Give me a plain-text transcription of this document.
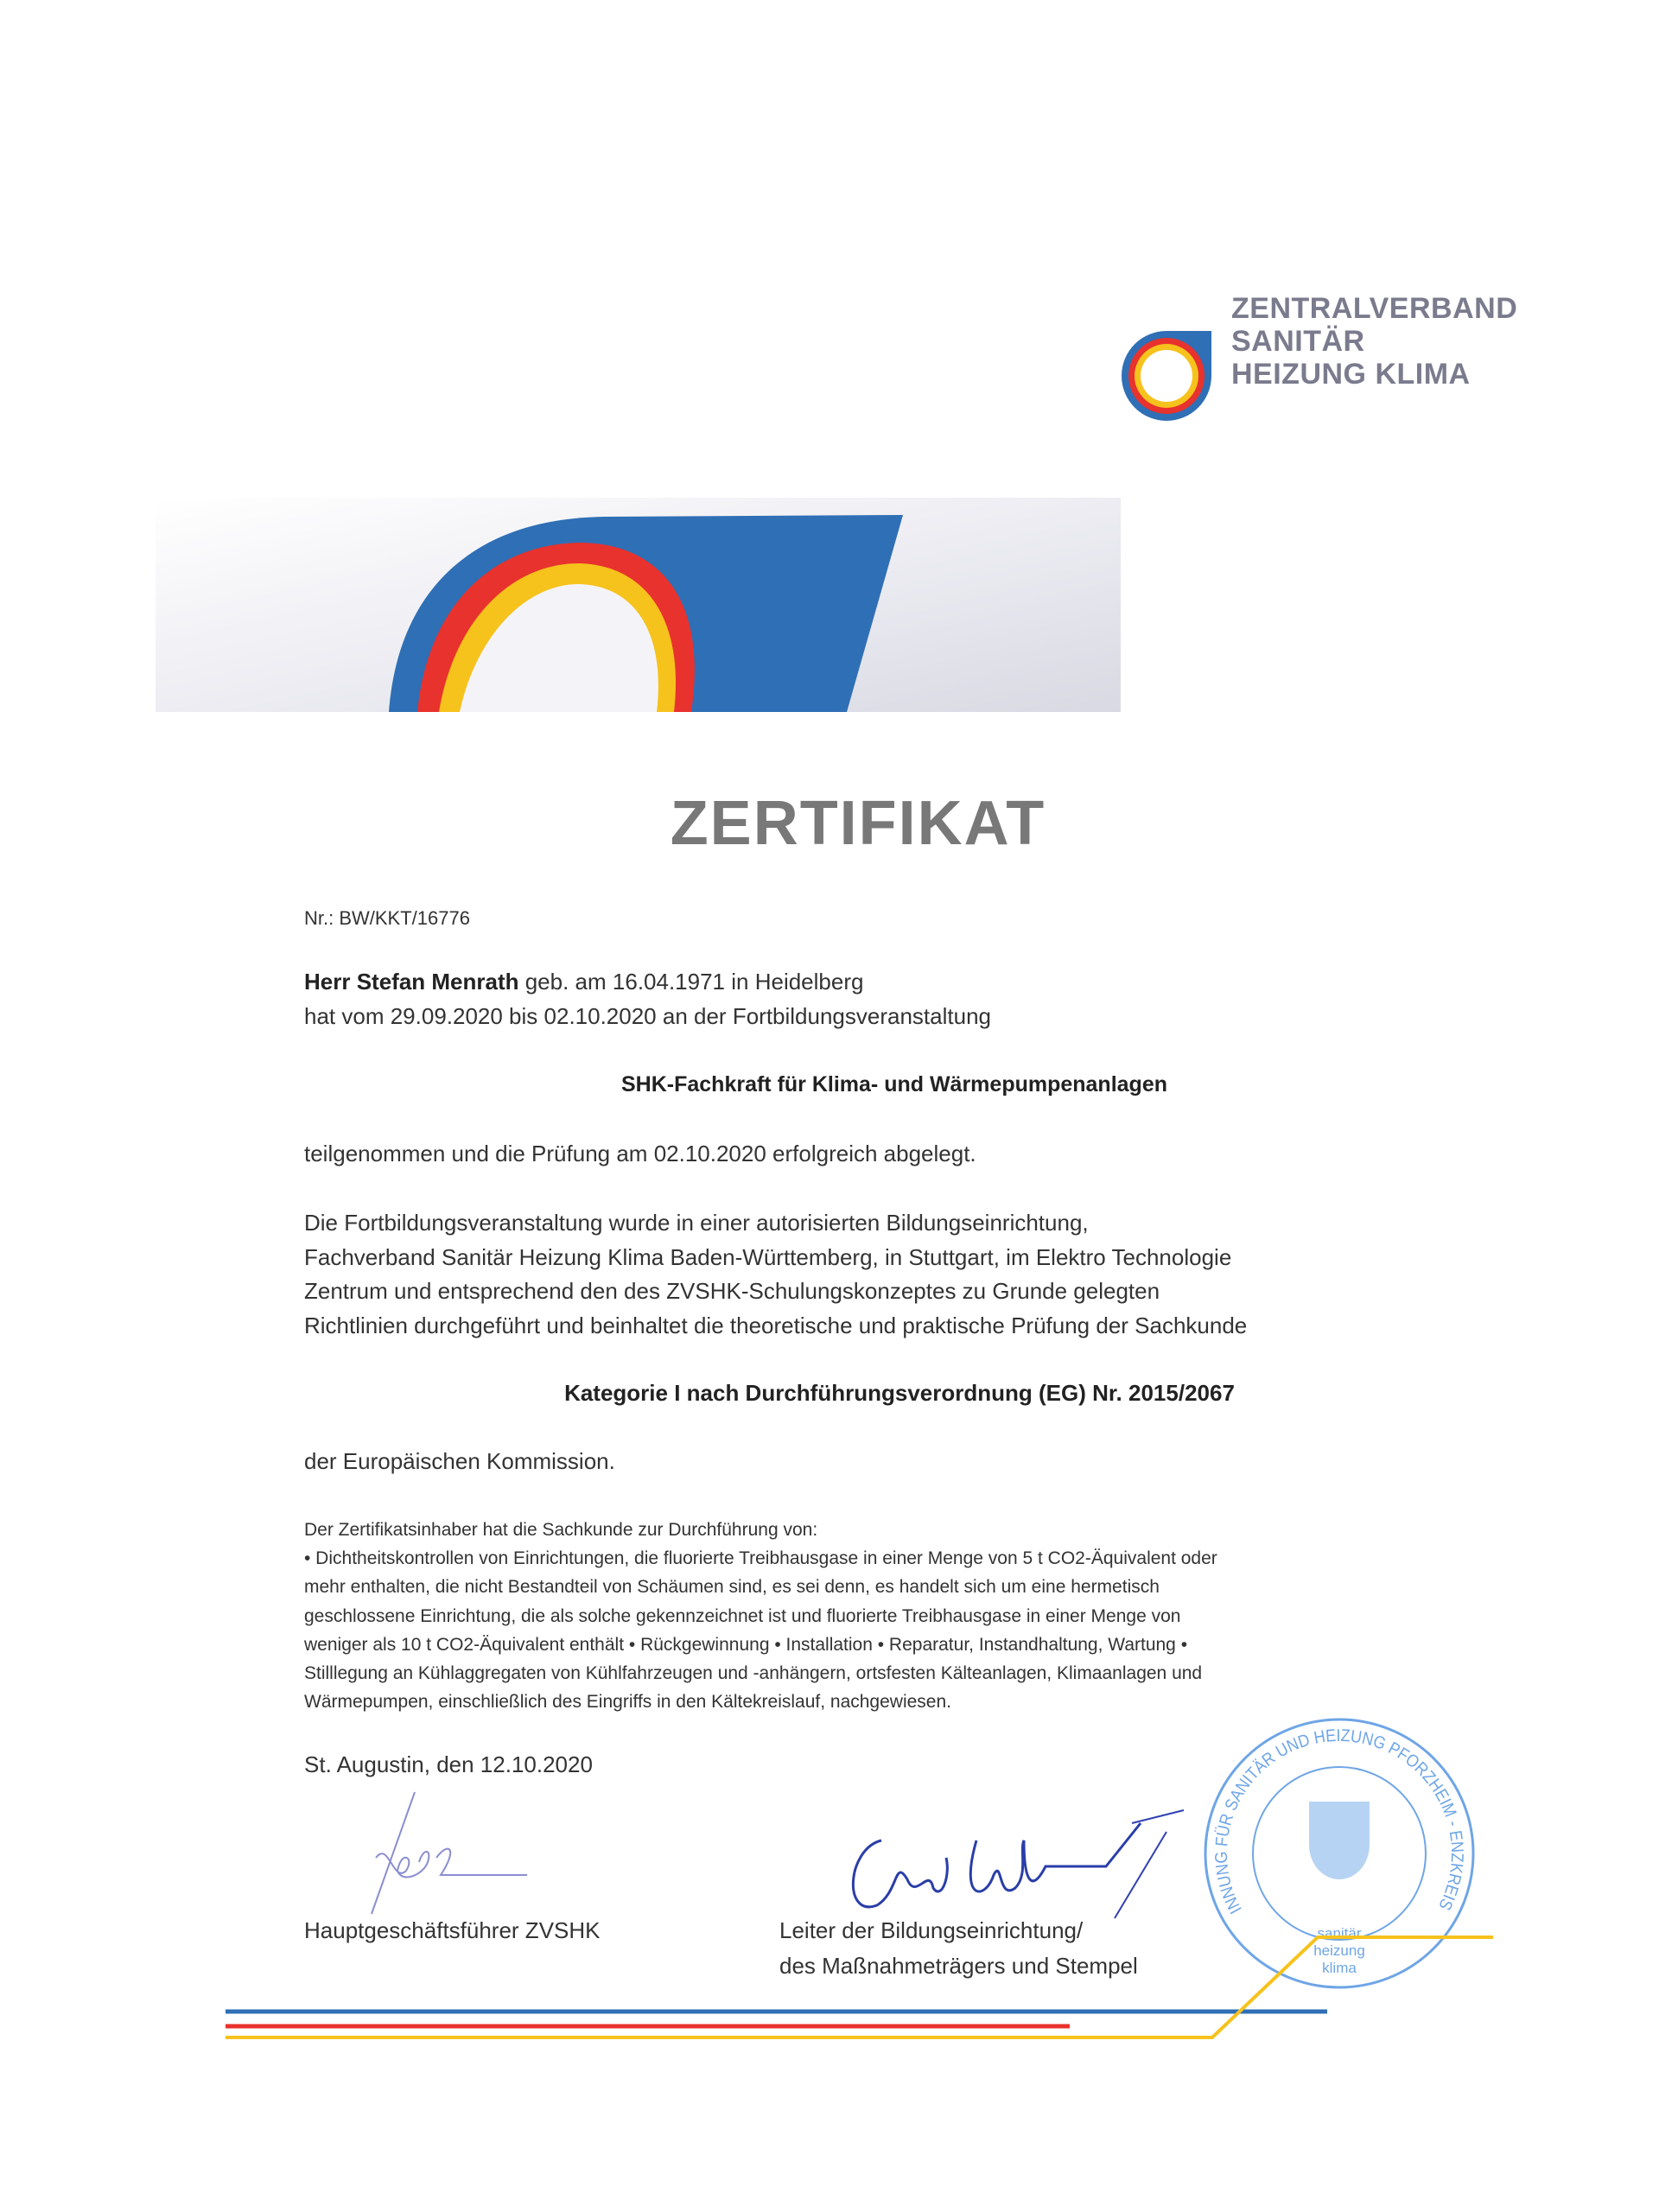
ZENTRALVERBAND
SANITÄR
HEIZUNG KLIMA
ZERTIFIKAT
Nr.: BW/KKT/16776
Herr Stefan Menrath geb. am 16.04.1971 in Heidelberg
hat vom 29.09.2020 bis 02.10.2020 an der Fortbildungsveranstaltung
SHK-Fachkraft für Klima- und Wärmepumpenanlagen
teilgenommen und die Prüfung am 02.10.2020 erfolgreich abgelegt.
Die Fortbildungsveranstaltung wurde in einer autorisierten Bildungseinrichtung,
Fachverband Sanitär Heizung Klima Baden-Württemberg, in Stuttgart, im Elektro Technologie
Zentrum und entsprechend den des ZVSHK-Schulungskonzeptes zu Grunde gelegten
Richtlinien durchgeführt und beinhaltet die theoretische und praktische Prüfung der Sachkunde
Kategorie I nach Durchführungsverordnung (EG) Nr. 2015/2067
der Europäischen Kommission.
Der Zertifikatsinhaber hat die Sachkunde zur Durchführung von:
• Dichtheitskontrollen von Einrichtungen, die fluorierte Treibhausgase in einer Menge von 5 t CO2-Äquivalent oder
mehr enthalten, die nicht Bestandteil von Schäumen sind, es sei denn, es handelt sich um eine hermetisch
geschlossene Einrichtung, die als solche gekennzeichnet ist und fluorierte Treibhausgase in einer Menge von
weniger als 10 t CO2-Äquivalent enthält • Rückgewinnung • Installation • Reparatur, Instandhaltung, Wartung •
Stilllegung an Kühlaggregaten von Kühlfahrzeugen und -anhängern, ortsfesten Kälteanlagen, Klimaanlagen und
Wärmepumpen, einschließlich des Eingriffs in den Kältekreislauf, nachgewiesen.
St. Augustin, den 12.10.2020
Hauptgeschäftsführer ZVSHK
INNUNG FÜR SANITÄR UND HEIZUNG PFORZHEIM - ENZKREIS
sanitär
heizung
klima
Leiter der Bildungseinrichtung/
des Maßnahmeträgers und Stempel
